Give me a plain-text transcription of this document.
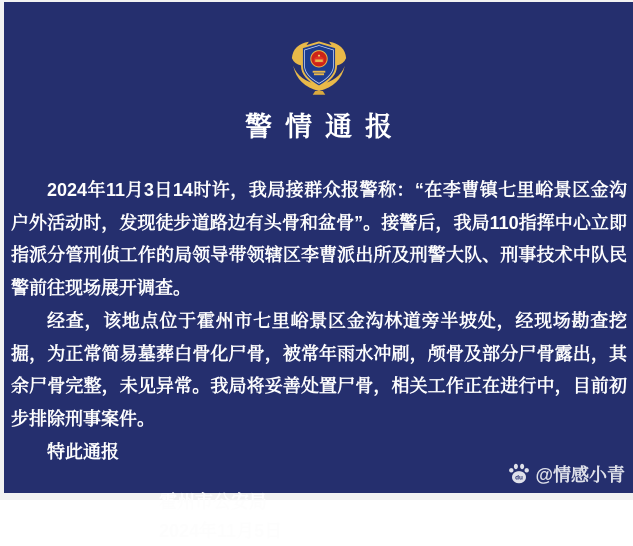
警情通报

2024年11月3日14时许，我局接群众报警称：“在李曹镇七里峪景区金沟户外活动时，发现徒步道路边有头骨和盆骨”。接警后，我局110指挥中心立即指派分管刑侦工作的局领导带领辖区李曹派出所及刑警大队、刑事技术中队民警前往现场展开调查。

经查，该地点位于霍州市七里峪景区金沟林道旁半坡处，经现场勘查挖掘，为正常简易墓葬白骨化尸骨，被常年雨水冲刷，颅骨及部分尸骨露出，其余尸骨完整，未见异常。我局将妥善处置尸骨，相关工作正在进行中，目前初步排除刑事案件。

特此通报

霍州市公安局
2024年11月5日
du @情感小青
